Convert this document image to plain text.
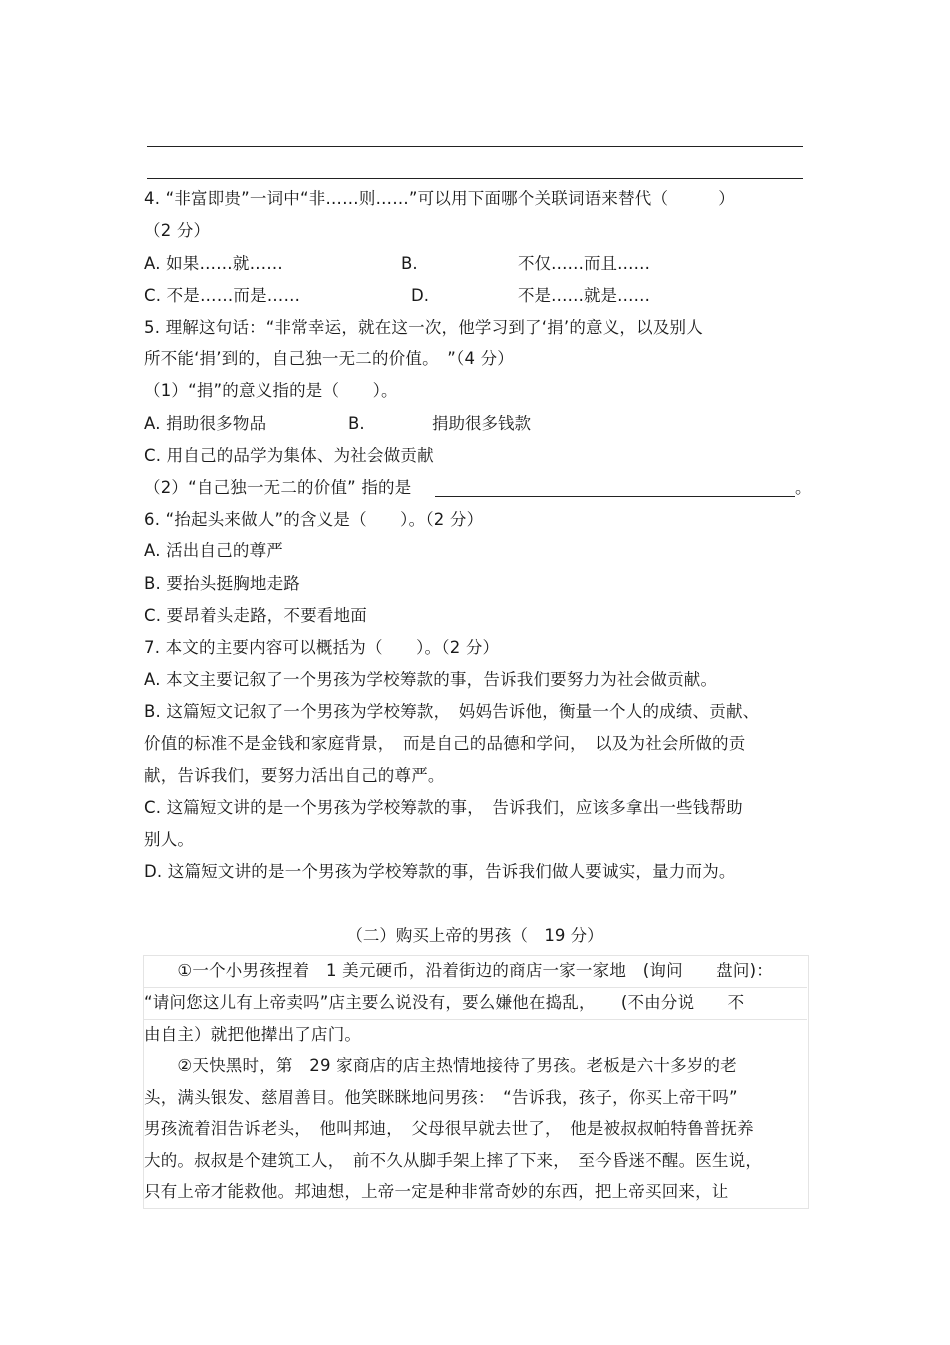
4. “非富即贵”一词中“非……则……”可以用下面哪个关联词语来替代（　　　）
（2 分）
A. 如果……就……	B.	不仅……而且……
C. 不是……而是……	D.	不是……就是……
5. 理解这句话：“非常幸运，就在这一次，他学习到了‘捐’的意义，以及别人
所不能‘捐’到的，自己独一无二的价值。　”（4 分）
（1）“捐”的意义指的是（　　）。
A. 捐助很多物品	B.	捐助很多钱款
C. 用自己的品学为集体、为社会做贡献
（2）“自己独一无二的价值” 指的是	。
6. “抬起头来做人”的含义是（　　）。（2 分）
A. 活出自己的尊严
B. 要抬头挺胸地走路
C. 要昂着头走路，不要看地面
7. 本文的主要内容可以概括为（　　）。（2 分）
A. 本文主要记叙了一个男孩为学校筹款的事，告诉我们要努力为社会做贡献。
B. 这篇短文记叙了一个男孩为学校筹款，　妈妈告诉他，衡量一个人的成绩、贡献、
价值的标准不是金钱和家庭背景，　而是自己的品德和学问，　以及为社会所做的贡
献，告诉我们，要努力活出自己的尊严。
C. 这篇短文讲的是一个男孩为学校筹款的事，　告诉我们，应该多拿出一些钱帮助
别人。
D. 这篇短文讲的是一个男孩为学校筹款的事，告诉我们做人要诚实，量力而为。
（二）购买上帝的男孩（　19 分）
　　①一个小男孩捏着　1 美元硬币，沿着街边的商店一家一家地　(询问　　盘问)：
“请问您这儿有上帝卖吗”店主要么说没有，要么嫌他在捣乱，　　(不由分说　　不
由自主）就把他撵出了店门。
　　②天快黑时，第　29 家商店的店主热情地接待了男孩。老板是六十多岁的老
头，满头银发、慈眉善目。他笑眯眯地问男孩：　“告诉我，孩子，你买上帝干吗”
男孩流着泪告诉老头，　他叫邦迪，　父母很早就去世了，　他是被叔叔帕特鲁普抚养
大的。叔叔是个建筑工人，　前不久从脚手架上摔了下来，　至今昏迷不醒。医生说，
只有上帝才能救他。邦迪想，上帝一定是种非常奇妙的东西，把上帝买回来，让
